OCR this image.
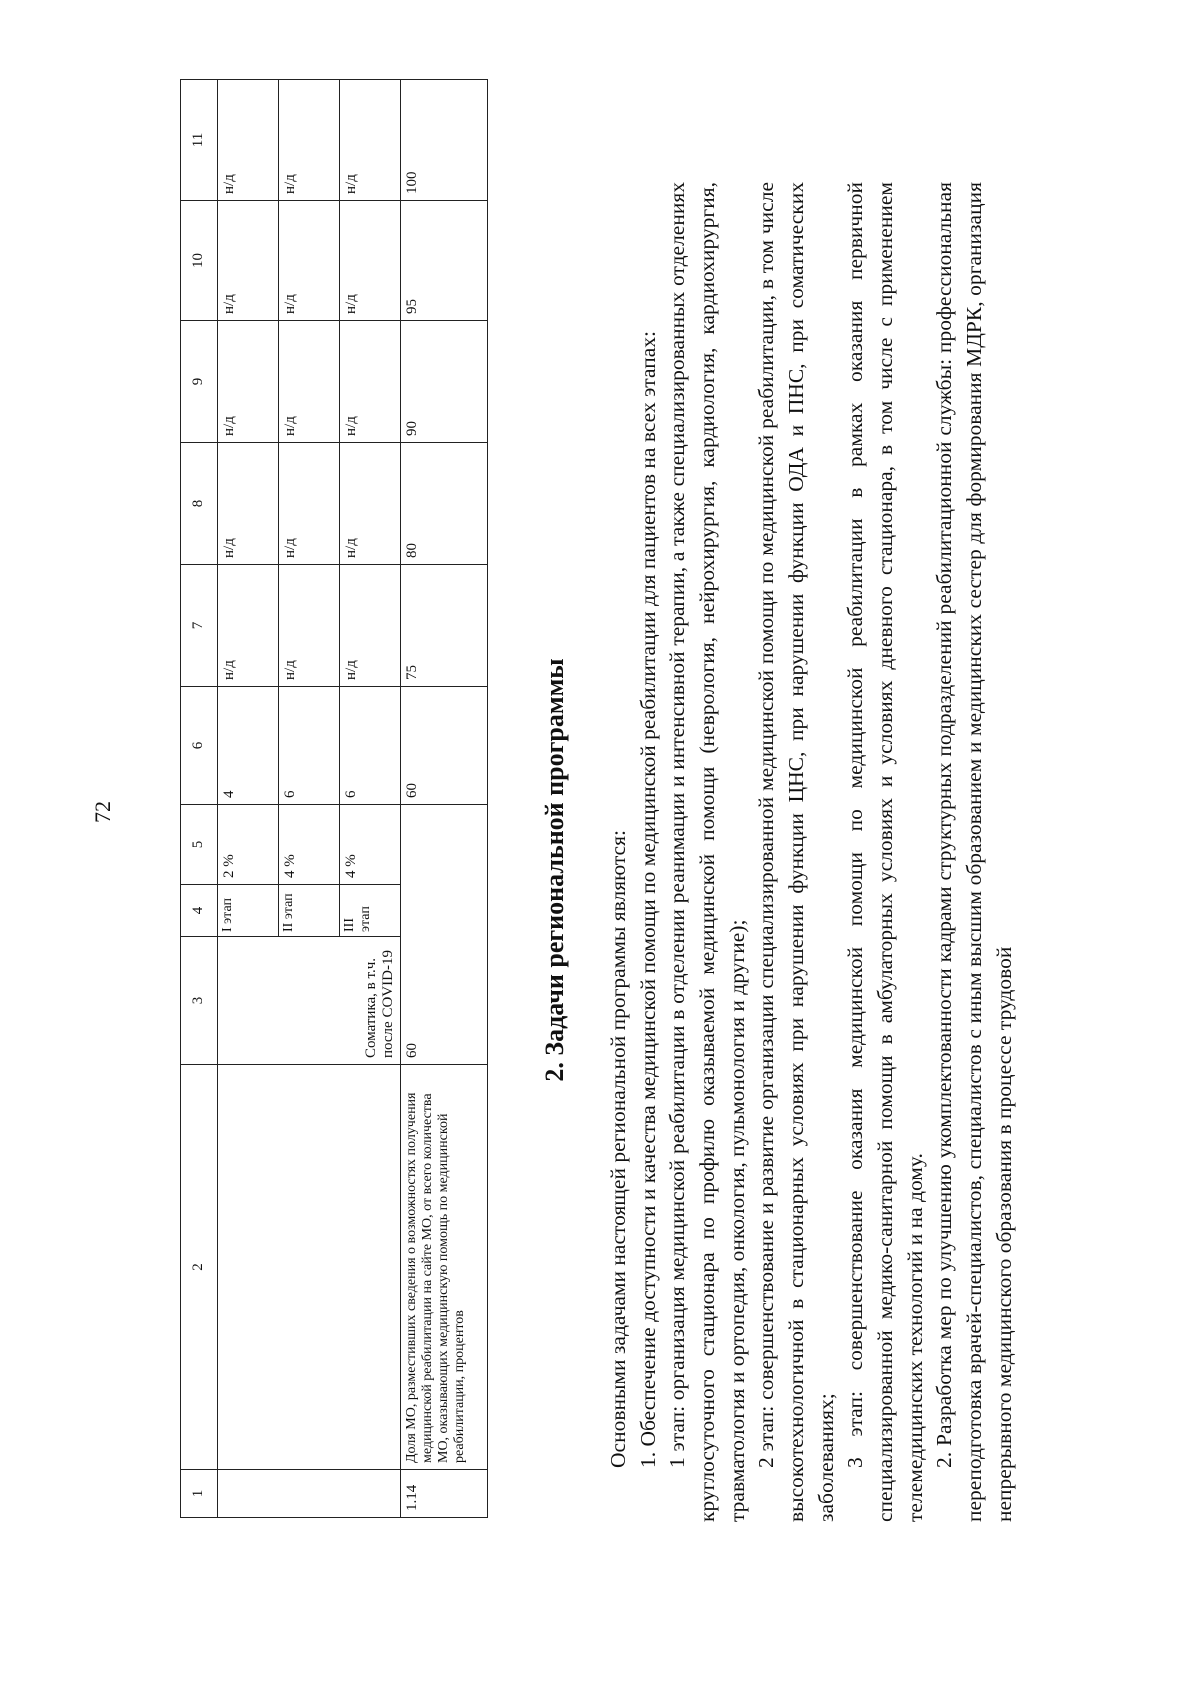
72
1	2	3	4	5	6	7	8	9	10	11
		Соматика, в т.ч. после COVID-19	I этап	2 %	4	н/д	н/д	н/д	н/д	н/д
			II этап	4 %	6	н/д	н/д	н/д	н/д	н/д
			III этап	4 %	6	н/д	н/д	н/д	н/д	н/д
1.14	Доля МО, разместивших сведения о возможностях получения медицинской реабилитации на сайте МО, от всего количества МО, оказывающих медицинскую помощь по медицинской реабилитации, процентов	60			60	75	80	90	95	100
2. Задачи региональной программы Основными задачами настоящей региональной программы являются: 1. Обеспечение доступности и качества медицинской помощи по медицинской реабилитации для пациентов на всех этапах: 1 этап: организация медицинской реабилитации в отделении реанимации и интенсивной терапии, а также специализированных отделениях круглосуточного стационара по профилю оказываемой медицинской помощи (неврология, нейрохирургия, кардиология, кардиохирургия, травматология и ортопедия, онкология, пульмонология и другие); 2 этап: совершенствование и развитие организации специализированной медицинской помощи по медицинской реабилитации, в том числе высокотехнологичной в стационарных условиях при нарушении функции ЦНС, при нарушении функции ОДА и ПНС, при соматических заболеваниях; 3 этап: совершенствование оказания медицинской помощи по медицинской реабилитации в рамках оказания первичной специализированной медико-санитарной помощи в амбулаторных условиях и условиях дневного стационара, в том числе с применением телемедицинских технологий и на дому. 2. Разработка мер по улучшению укомплектованности кадрами структурных подразделений реабилитационной службы: профессиональная переподготовка врачей-специалистов, специалистов с иным высшим образованием и медицинских сестер для формирования МДРК, организация непрерывного медицинского образования в процессе трудовой
